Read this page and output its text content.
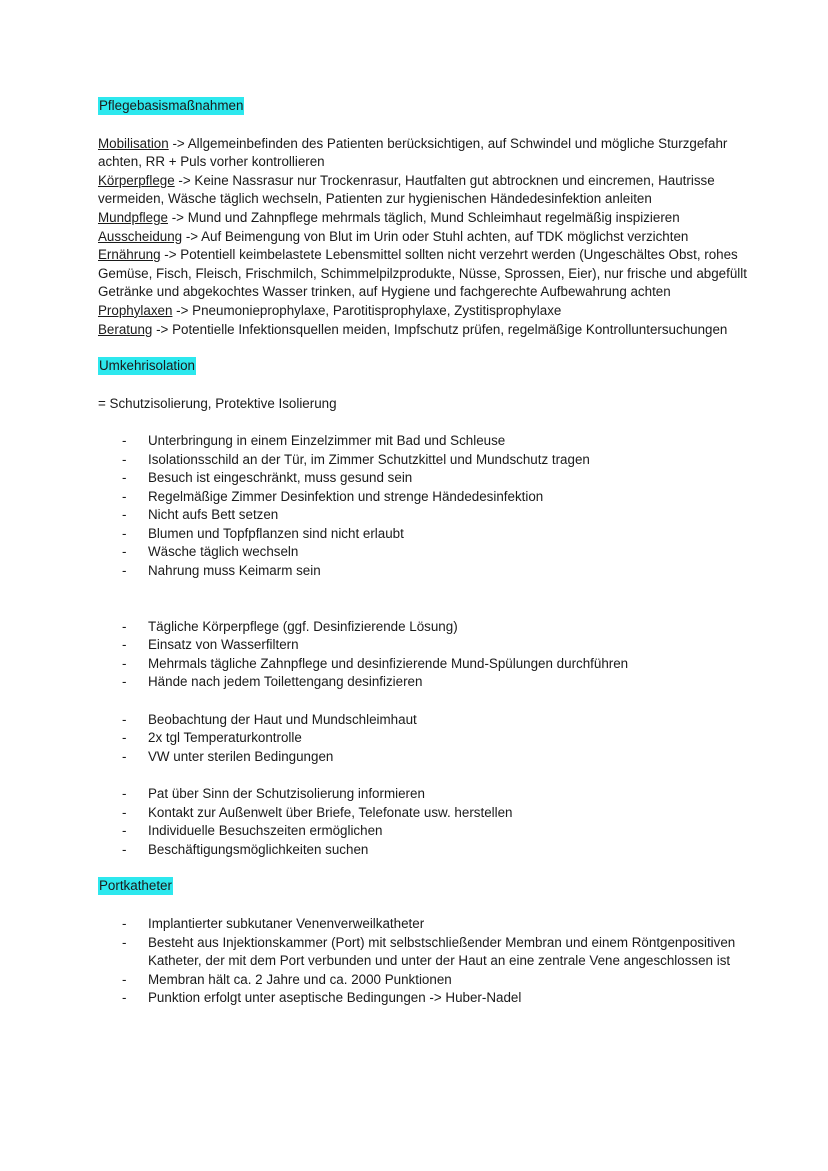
Pflegebasismaßnahmen

Mobilisation -> Allgemeinbefinden des Patienten berücksichtigen, auf Schwindel und mögliche Sturzgefahr achten, RR + Puls vorher kontrollieren

Körperpflege -> Keine Nassrasur nur Trockenrasur, Hautfalten gut abtrocknen und eincremen, Hautrisse vermeiden, Wäsche täglich wechseln, Patienten zur hygienischen Händedesinfektion anleiten

Mundpflege -> Mund und Zahnpflege mehrmals täglich, Mund Schleimhaut regelmäßig inspizieren

Ausscheidung -> Auf Beimengung von Blut im Urin oder Stuhl achten, auf TDK möglichst verzichten

Ernährung -> Potentiell keimbelastete Lebensmittel sollten nicht verzehrt werden (Ungeschältes Obst, rohes Gemüse, Fisch, Fleisch, Frischmilch, Schimmelpilzprodukte, Nüsse, Sprossen, Eier), nur frische und abgefüllt Getränke und abgekochtes Wasser trinken, auf Hygiene und fachgerechte Aufbewahrung achten

Prophylaxen -> Pneumonieprophylaxe, Parotitisprophylaxe, Zystitisprophylaxe

Beratung -> Potentielle Infektionsquellen meiden, Impfschutz prüfen, regelmäßige Kontrolluntersuchungen

Umkehrisolation

= Schutzisolierung, Protektive Isolierung

- Unterbringung in einem Einzelzimmer mit Bad und Schleuse
- Isolationsschild an der Tür, im Zimmer Schutzkittel und Mundschutz tragen
- Besuch ist eingeschränkt, muss gesund sein
- Regelmäßige Zimmer Desinfektion und strenge Händedesinfektion
- Nicht aufs Bett setzen
- Blumen und Topfpflanzen sind nicht erlaubt
- Wäsche täglich wechseln
- Nahrung muss Keimarm sein
- Tägliche Körperpflege (ggf. Desinfizierende Lösung)
- Einsatz von Wasserfiltern
- Mehrmals tägliche Zahnpflege und desinfizierende Mund-Spülungen durchführen
- Hände nach jedem Toilettengang desinfizieren
- Beobachtung der Haut und Mundschleimhaut
- 2x tgl Temperaturkontrolle
- VW unter sterilen Bedingungen
- Pat über Sinn der Schutzisolierung informieren
- Kontakt zur Außenwelt über Briefe, Telefonate usw. herstellen
- Individuelle Besuchszeiten ermöglichen
- Beschäftigungsmöglichkeiten suchen
Portkatheter
- Implantierter subkutaner Venenverweilkatheter
- Besteht aus Injektionskammer (Port) mit selbstschließender Membran und einem Röntgenpositiven Katheter, der mit dem Port verbunden und unter der Haut an eine zentrale Vene angeschlossen ist
- Membran hält ca. 2 Jahre und ca. 2000 Punktionen
- Punktion erfolgt unter aseptische Bedingungen -> Huber-Nadel
